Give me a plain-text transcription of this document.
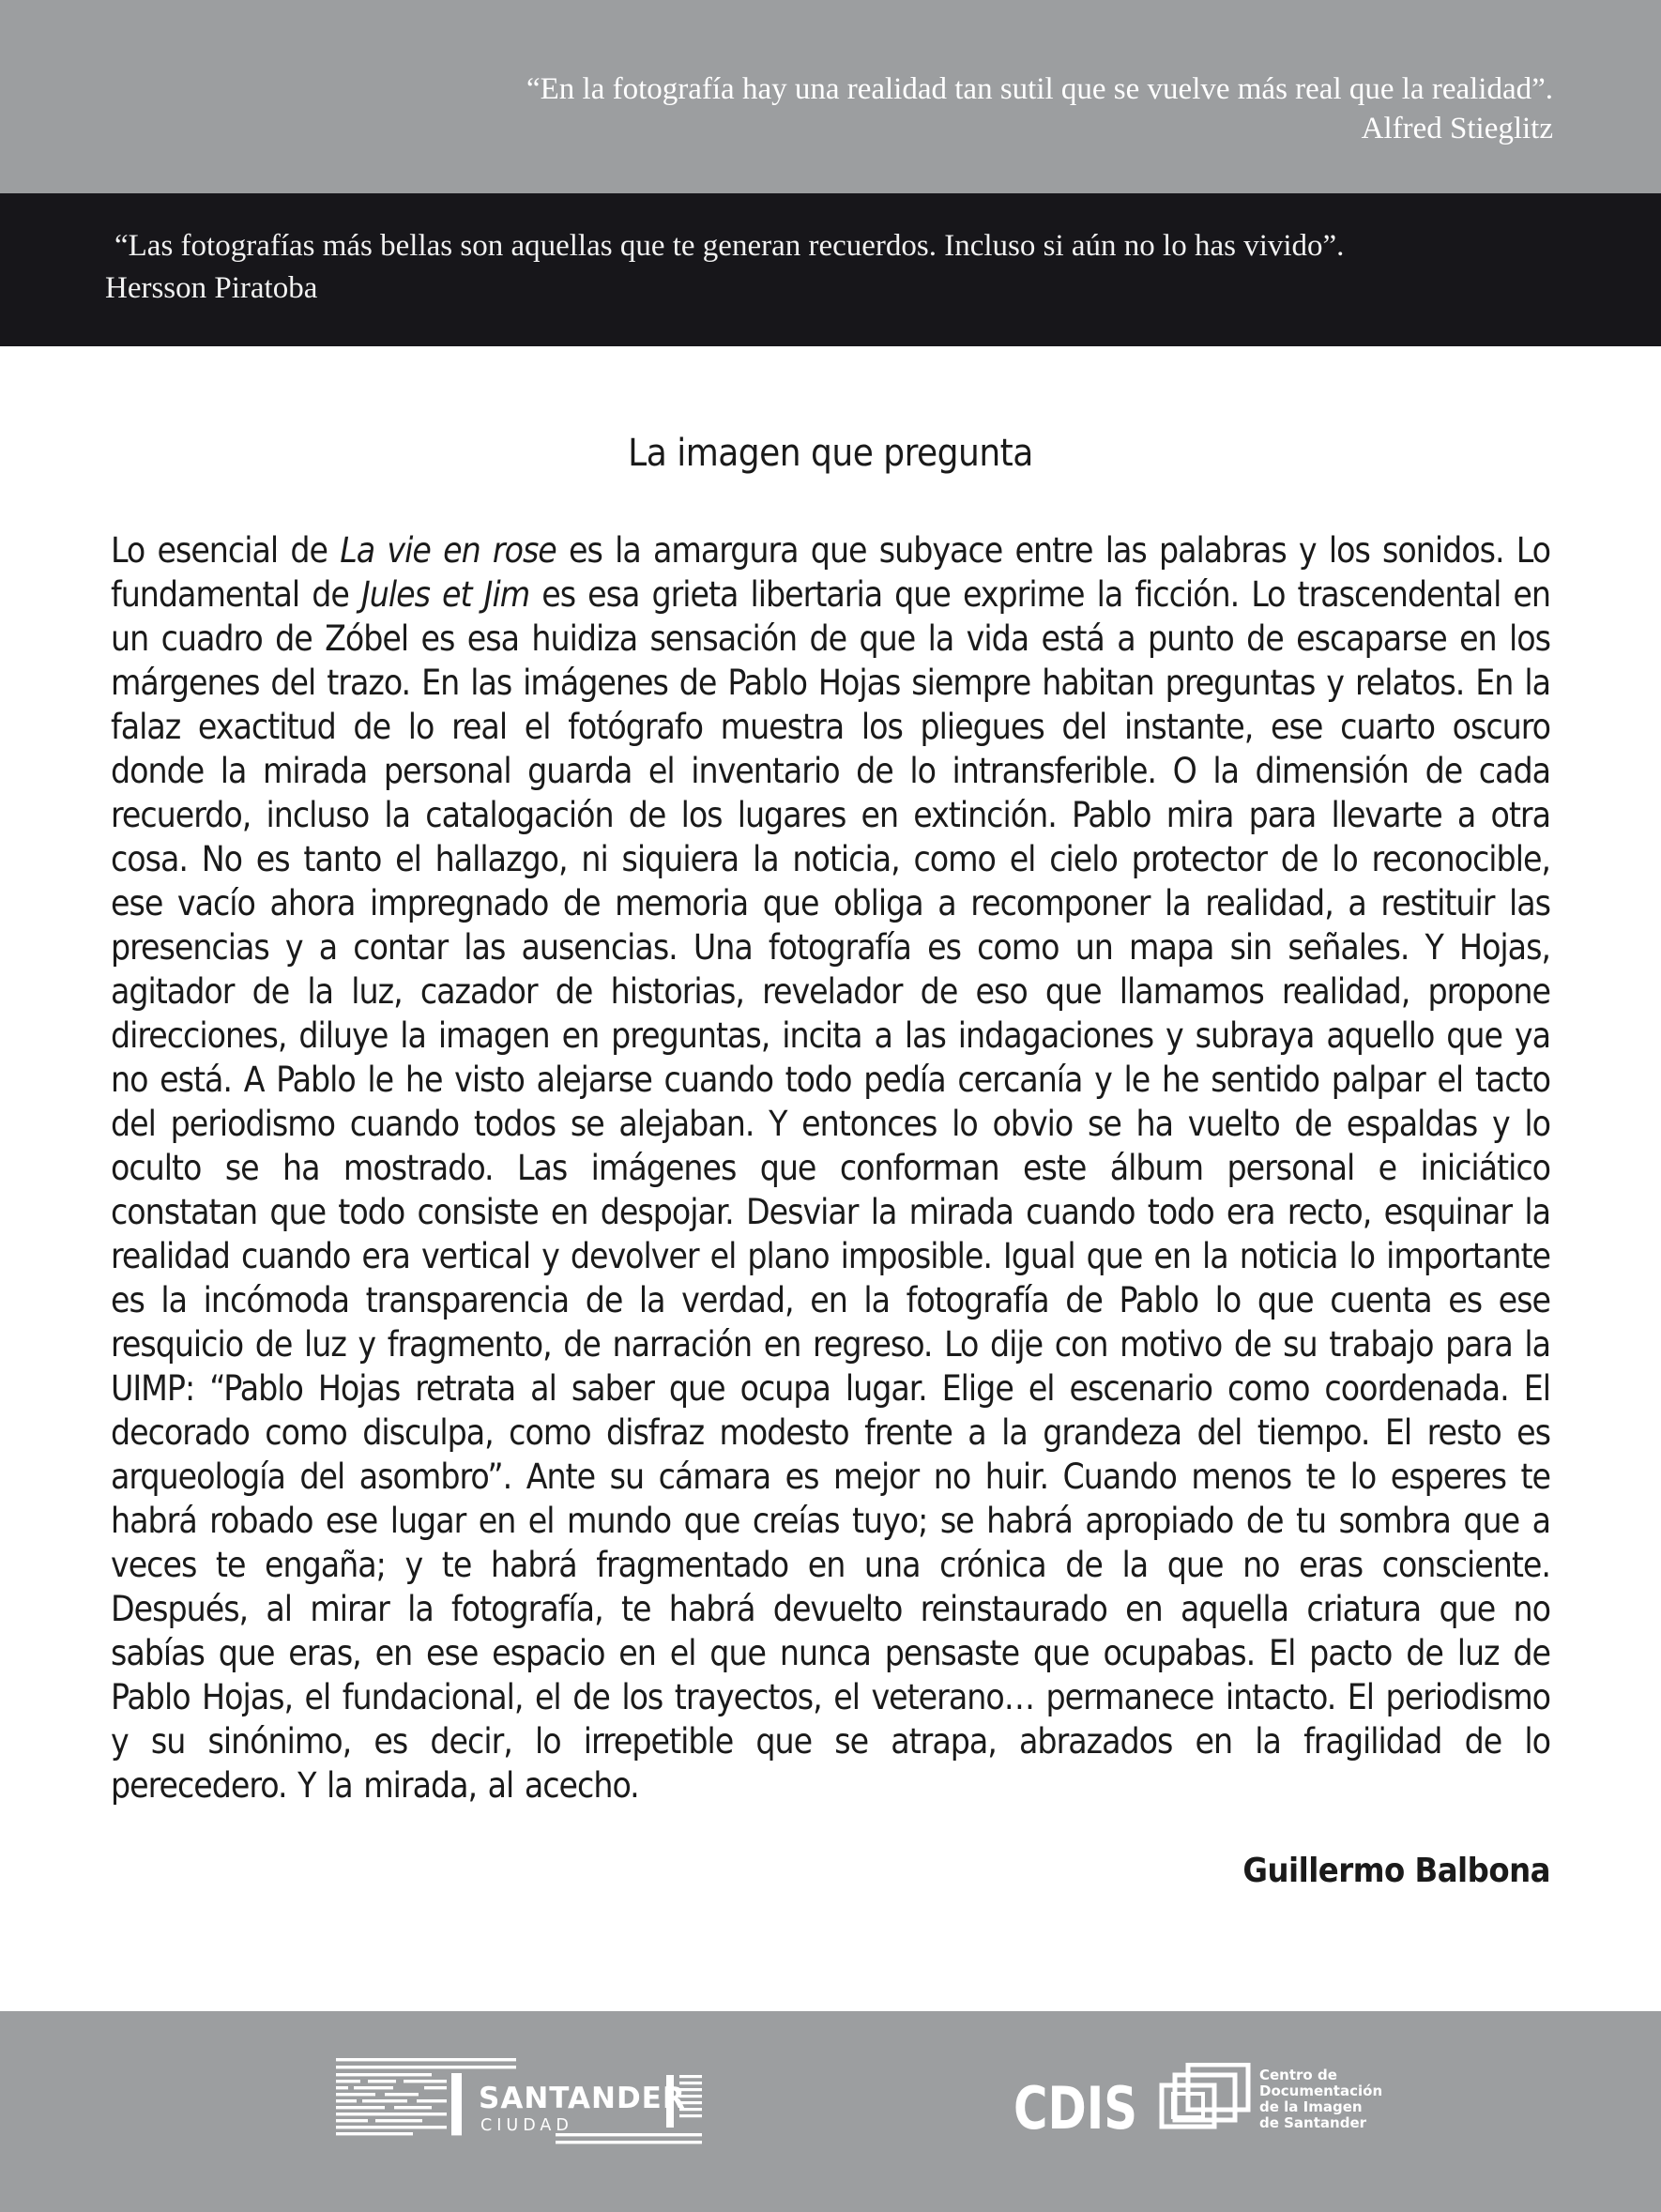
“En la fotografía hay una realidad tan sutil que se vuelve más real que la realidad”.

Alfred Stieglitz

“Las fotografías más bellas son aquellas que te generan recuerdos. Incluso si aún no lo has vivido”.

Hersson Piratoba

La imagen que pregunta

Lo esencial de La vie en rose es la amargura que subyace entre las palabras y los sonidos. Lo fundamental de Jules et Jim es esa grieta libertaria que exprime la ficción. Lo trascendental en un cuadro de Zóbel es esa huidiza sensación de que la vida está a punto de escaparse en los márgenes del trazo. En las imágenes de Pablo Hojas siempre habitan preguntas y relatos. En la falaz exactitud de lo real el fotógrafo muestra los pliegues del instante, ese cuarto oscuro donde la mirada personal guarda el inventario de lo intransferible. O la dimensión de cada recuerdo, incluso la catalogación de los lugares en extinción. Pablo mira para llevarte a otra cosa. No es tanto el hallazgo, ni siquiera la noticia, como el cielo protector de lo reconocible, ese vacío ahora impregnado de memoria que obliga a recomponer la realidad, a restituir las presencias y a contar las ausencias. Una fotografía es como un mapa sin señales. Y Hojas, agitador de la luz, cazador de historias, revelador de eso que llamamos realidad, propone direcciones, diluye la imagen en preguntas, incita a las indagaciones y subraya aquello que ya no está. A Pablo le he visto alejarse cuando todo pedía cercanía y le he sentido palpar el tacto del periodismo cuando todos se alejaban. Y entonces lo obvio se ha vuelto de espaldas y lo oculto se ha mostrado. Las imágenes que conforman este álbum personal e iniciático constatan que todo consiste en despojar. Desviar la mirada cuando todo era recto, esquinar la realidad cuando era vertical y devolver el plano imposible. Igual que en la noticia lo importante es la incómoda transparencia de la verdad, en la fotografía de Pablo lo que cuenta es ese resquicio de luz y fragmento, de narración en regreso. Lo dije con motivo de su trabajo para la UIMP: “Pablo Hojas retrata al saber que ocupa lugar. Elige el escenario como coordenada. El decorado como disculpa, como disfraz modesto frente a la grandeza del tiempo. El resto es arqueología del asombro”. Ante su cámara es mejor no huir. Cuando menos te lo esperes te habrá robado ese lugar en el mundo que creías tuyo; se habrá apropiado de tu sombra que a veces te engaña; y te habrá fragmentado en una crónica de la que no eras consciente. Después, al mirar la fotografía, te habrá devuelto reinstaurado en aquella criatura que no sabías que eras, en ese espacio en el que nunca pensaste que ocupabas. El pacto de luz de Pablo Hojas, el fundacional, el de los trayectos, el veterano… permanece intacto. El periodismo y su sinónimo, es decir, lo irrepetible que se atrapa, abrazados en la fragilidad de lo perecedero. Y la mirada, al acecho.

Guillermo Balbona

SANTANDER
CIUDAD	CDIS	Centro de
Documentación
de la Imagen
de Santander
